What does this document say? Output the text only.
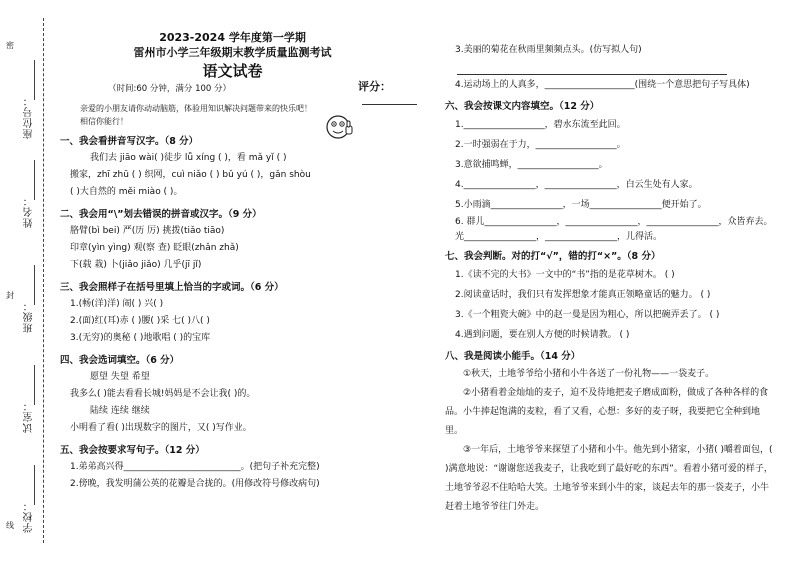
座位号：
姓名：
班级：
试室：
学校：
密
封
线
2023-2024 学年度第一学期
雷州市小学三年级期末教学质量监测考试
语文试卷
（时间:60 分钟，满分 100 分）	评分：
亲爱的小朋友请你动动脑筋，体验用知识解决问题带来的快乐吧！
相信你能行！
一、我会看拼音写汉字。（8 分）
我们去 jiāo wài( )徒步 lǚ xíng ( )，看 mǎ yǐ ( )
搬家，zhī zhū ( ) 织网，cuì niǎo ( ) bǔ yú ( )，gǎn shòu
( )大自然的 měi miào ( )。
二、我会用“\”划去错误的拼音或汉字。（9 分）
胳臂(bì bei) 严(历 厉) 挑拨(tiǎo tiāo)
印章(yìn yìng) 观(察 查) 眨眼(zhǎn zhǎ)
下(载 栽) 卜(jiǎo jiǎo) 几乎(jī jǐ)
三、我会照样子在括号里填上恰当的字或词。（6 分）
1.(畅(洋)洋) 闹( ) 兴( )
2.(面)红(耳)赤 ( )腰( )采 七( )八( )
3.(无穷)的奥秘 ( )地歌唱 ( )的宝库
四、我会选词填空。（6 分）
愿望 失望 希望
我多么( )能去看看长城!妈妈是不会让我( )的。
陆续 连续 继续
小明看了看( )出现数字的图片，又( )写作业。
五、我会按要求写句子。（12 分）
1.弟弟高兴得__________________________。(把句子补充完整)
2.傍晚，我发明蒲公英的花瓣是合拢的。(用修改符号修改病句)
3.美丽的菊花在秋雨里频频点头。(仿写拟人句)
4.运动场上的人真多，____________________(围绕一个意思把句子写具体)
六、我会按课文内容填空。（12 分）
1.__________________，碧水东流至此回。
2.一时强弱在于力，__________________。
3.意欲捕鸣蝉，__________________。
4.________________，________________，白云生处有人家。
5.小雨滴________________，一场________________便开始了。
6. 群儿________________，________________，________________，众皆弃去。光________________，________________，儿得活。
七、我会判断。对的打“√”，错的打“×”。（8 分）
1.《读不完的大书》一文中的“书”指的是花草树木。 ( )
2.阅读童话时，我们只有发挥想象才能真正领略童话的魅力。 ( )
3.《一个粗瓷大碗》中的赵一曼是因为粗心，所以把碗弄丢了。 ( )
4.遇到问题，要在别人方便的时候请教。 ( )
八、我是阅读小能手。（14 分）
①秋天，土地爷爷给小猪和小牛各送了一份礼物——一袋麦子。
②小猪看着金灿灿的麦子，迫不及待地把麦子磨成面粉，做成了各种各样的食品。小牛捧起饱满的麦粒，看了又看，心想：多好的麦子呀，我要把它全种到地里。
③一年后，土地爷爷来探望了小猪和小牛。他先到小猪家，小猪( )嚼着面包，( )满意地说：“谢谢您送我麦子，让我吃到了最好吃的东西”。看着小猪可爱的样子，土地爷爷忍不住哈哈大笑。土地爷爷来到小牛的家，谈起去年的那一袋麦子，小牛赶着土地爷爷往门外走。
